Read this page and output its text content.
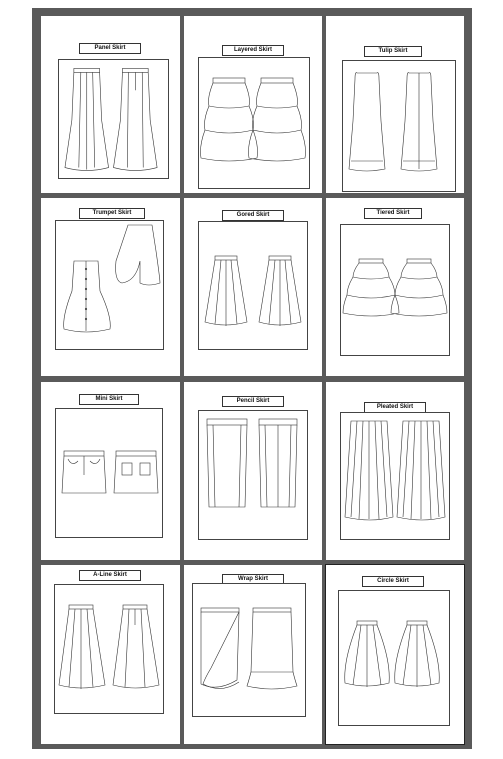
Panel Skirt	Layered Skirt	Tulip Skirt
Trumpet Skirt	Gored Skirt	Tiered Skirt
Mini Skirt	Pencil Skirt
Pleated Skirt
A-Line Skirt
Wrap Skirt	Circle Skirt
